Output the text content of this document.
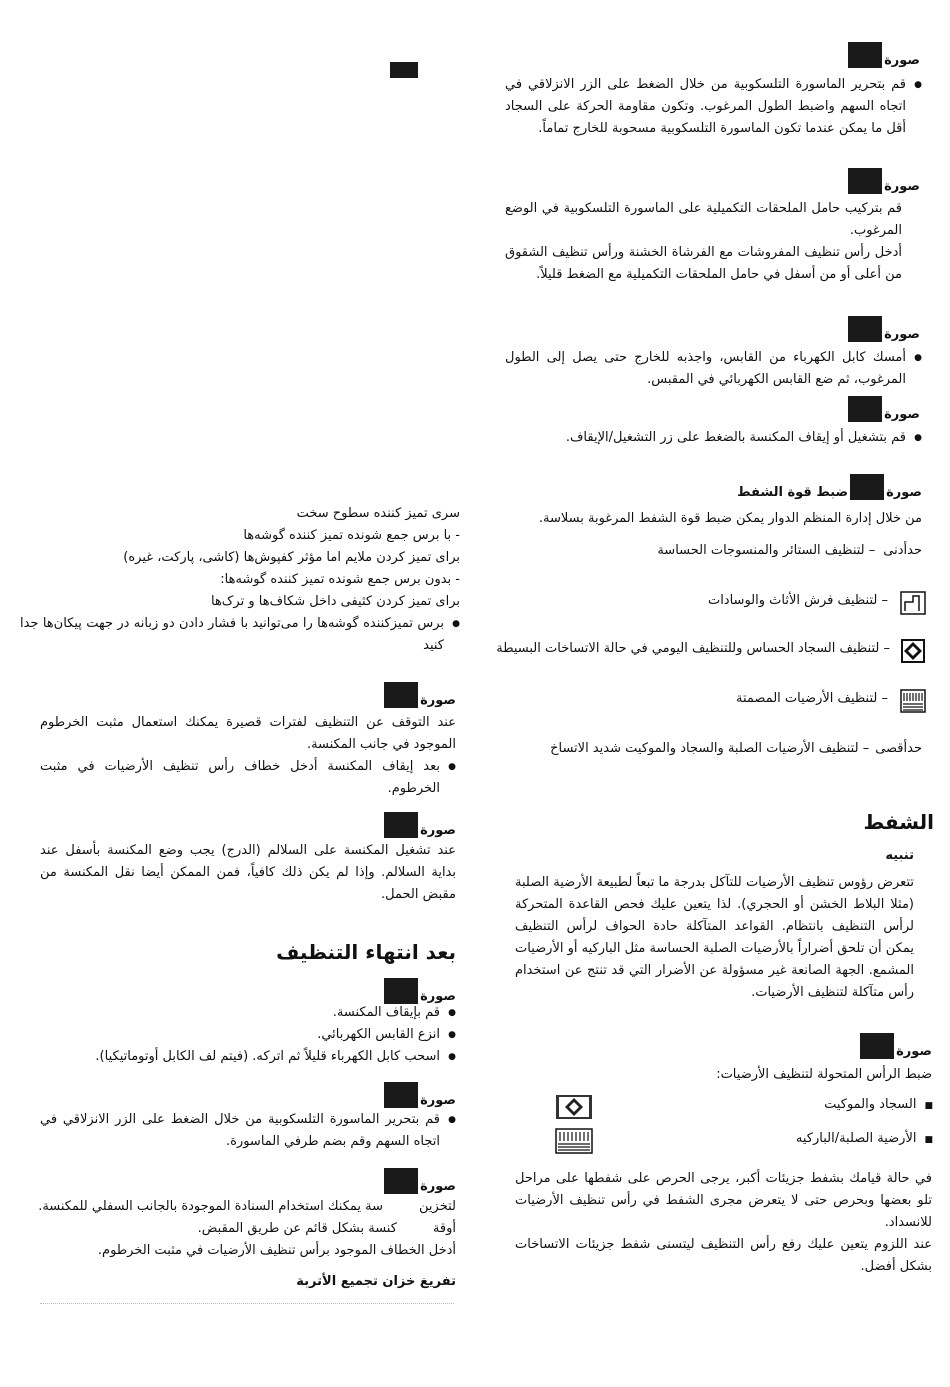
صورة
● قم بتحرير الماسورة التلسكوبية من خلال الضغط على الزر الانزلاقي في اتجاه السهم واضبط الطول المرغوب. وتكون مقاومة الحركة على السجاد أقل ما يمكن عندما تكون الماسورة التلسكوبية مسحوبة للخارج تماماً.
صورة

قم بتركيب حامل الملحقات التكميلية على الماسورة التلسكوبية في الوضع المرغوب.

أدخل رأس تنظيف المفروشات مع الفرشاة الخشنة ورأس تنظيف الشقوق من أعلى أو من أسفل في حامل الملحقات التكميلية مع الضغط قليلاً.

صورة
● أمسك كابل الكهرباء من القابس، واجذبه للخارج حتى يصل إلى الطول المرغوب، ثم ضع القابس الكهربائي في المقبس.
صورة
● قم بتشغيل أو إيقاف المكنسة بالضغط على زر التشغيل/الإيقاف.
صورةضبط قوة الشفط

من خلال إدارة المنظم الدوار يمكن ضبط قوة الشفط المرغوبة بسلاسة.

حدأدنى
– لتنظيف الستائر والمنسوجات الحساسة
– لتنظيف فرش الأثاث والوسادات
– لتنظيف السجاد الحساس وللتنظيف اليومي في حالة الاتساخات البسيطة
– لتنظيف الأرضيات المصمتة
حدأقصى
– لتنظيف الأرضيات الصلبة والسجاد والموكيت شديد الاتساخ
الشفط
تنبيه

تتعرض رؤوس تنظيف الأرضيات للتآكل بدرجة ما تبعاً لطبيعة الأرضية الصلبة (مثلا البلاط الخشن أو الحجري). لذا يتعين عليك فحص القاعدة المتحركة لرأس التنظيف بانتظام. القواعد المتآكلة حادة الحواف لرأس التنظيف يمكن أن تلحق أضراراً بالأرضيات الصلبة الحساسة مثل الباركيه أو الأرضيات المشمع. الجهة الصانعة غير مسؤولة عن الأضرار التي قد تنتج عن استخدام رأس متآكلة لتنظيف الأرضيات.

صورة

ضبط الرأس المتحولة لتنظيف الأرضيات:

■السجاد والموكيت
■الأرضية الصلبة/الباركيه

في حالة قيامك بشفط جزيئات أكبر، يرجى الحرص على شفطها على مراحل تلو بعضها وبحرص حتى لا يتعرض مجرى الشفط في رأس تنظيف الأرضيات للانسداد.

عند اللزوم يتعين عليك رفع رأس التنظيف ليتسنى شفط جزيئات الاتساخات بشكل أفضل.

سری تمیز کننده سطوح سخت

- با برس جمع شونده تمیز کننده گوشه‌ها

برای تمیز کردن ملایم اما مؤثر کفپوش‌ها (کاشی، پارکت، غیره)

- بدون برس جمع شونده تمیز کننده گوشه‌ها:

برای تمیز کردن کثیفی داخل شکاف‌ها و ترک‌ها

● برس تمیزکننده گوشه‌ها را می‌توانید با فشار دادن دو زبانه در جهت پیکان‌ها جدا کنید
صورة

عند التوقف عن التنظيف لفترات قصيرة يمكنك استعمال مثبت الخرطوم الموجود في جانب المكنسة.

● بعد إيقاف المكنسة أدخل خطاف رأس تنظيف الأرضيات في مثبت الخرطوم.
صورة

عند تشغيل المكنسة على السلالم (الدرج) يجب وضع المكنسة بأسفل عند بداية السلالم. وإذا لم يكن ذلك كافياً، فمن الممكن أيضا نقل المكنسة من مقبض الحمل.

بعد انتهاء التنظيف
صورة
● قم بإيقاف المكنسة.
● انزع القابس الكهربائي.
● اسحب كابل الكهرباء قليلاً ثم اتركه. (فيتم لف الكابل أوتوماتيكيا).
صورة
● قم بتحرير الماسورة التلسكوبية من خلال الضغط على الزر الانزلاقي في اتجاه السهم وقم بضم طرفي الماسورة.
صورة

لتخزينسة يمكنك استخدام السنادة الموجودة بالجانب السفلي للمكنسة.

أوقةكنسة بشكل قائم عن طريق المقبض.

أدخل الخطاف الموجود برأس تنظيف الأرضيات في مثبت الخرطوم.

تفريغ خزان تجميع الأتربة
